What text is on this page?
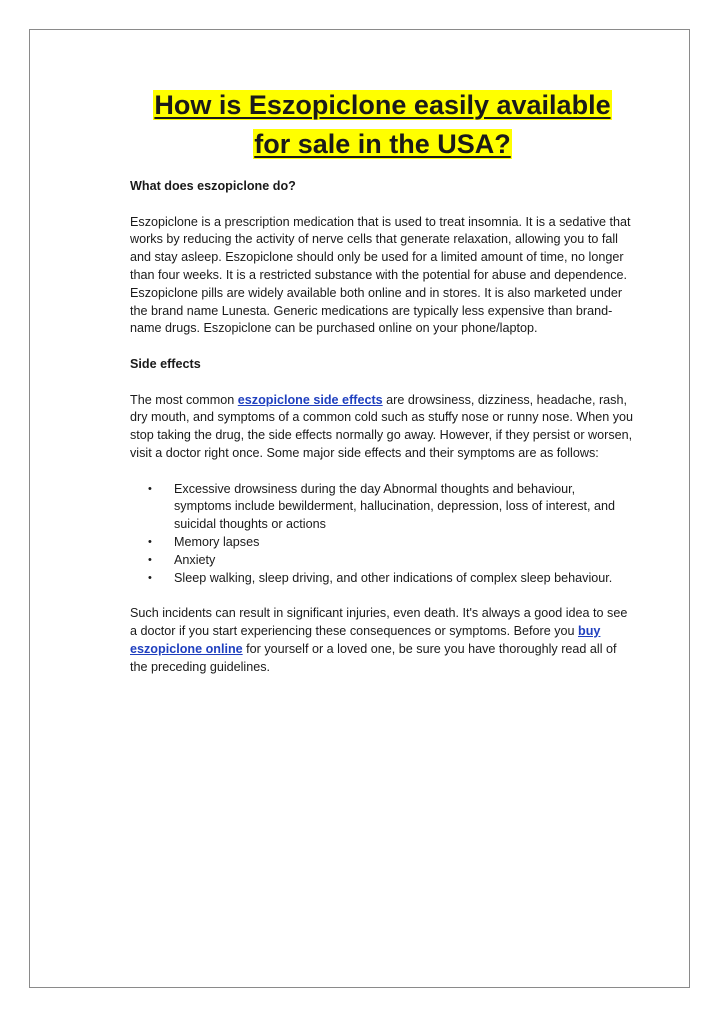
How is Eszopiclone easily available
for sale in the USA?

What does eszopiclone do?

Eszopiclone is a prescription medication that is used to treat insomnia. It is a sedative that works by reducing the activity of nerve cells that generate relaxation, allowing you to fall and stay asleep. Eszopiclone should only be used for a limited amount of time, no longer than four weeks. It is a restricted substance with the potential for abuse and dependence. Eszopiclone pills are widely available both online and in stores. It is also marketed under the brand name Lunesta. Generic medications are typically less expensive than brand-name drugs. Eszopiclone can be purchased online on your phone/laptop.

Side effects

The most common eszopiclone side effects are drowsiness, dizziness, headache, rash, dry mouth, and symptoms of a common cold such as stuffy nose or runny nose. When you stop taking the drug, the side effects normally go away. However, if they persist or worsen, visit a doctor right once. Some major side effects and their symptoms are as follows:

• Excessive drowsiness during the day Abnormal thoughts and behaviour, symptoms include bewilderment, hallucination, depression, loss of interest, and suicidal thoughts or actions
• Memory lapses
• Anxiety
• Sleep walking, sleep driving, and other indications of complex sleep behaviour.

Such incidents can result in significant injuries, even death. It's always a good idea to see a doctor if you start experiencing these consequences or symptoms. Before you buy eszopiclone online for yourself or a loved one, be sure you have thoroughly read all of the preceding guidelines.
